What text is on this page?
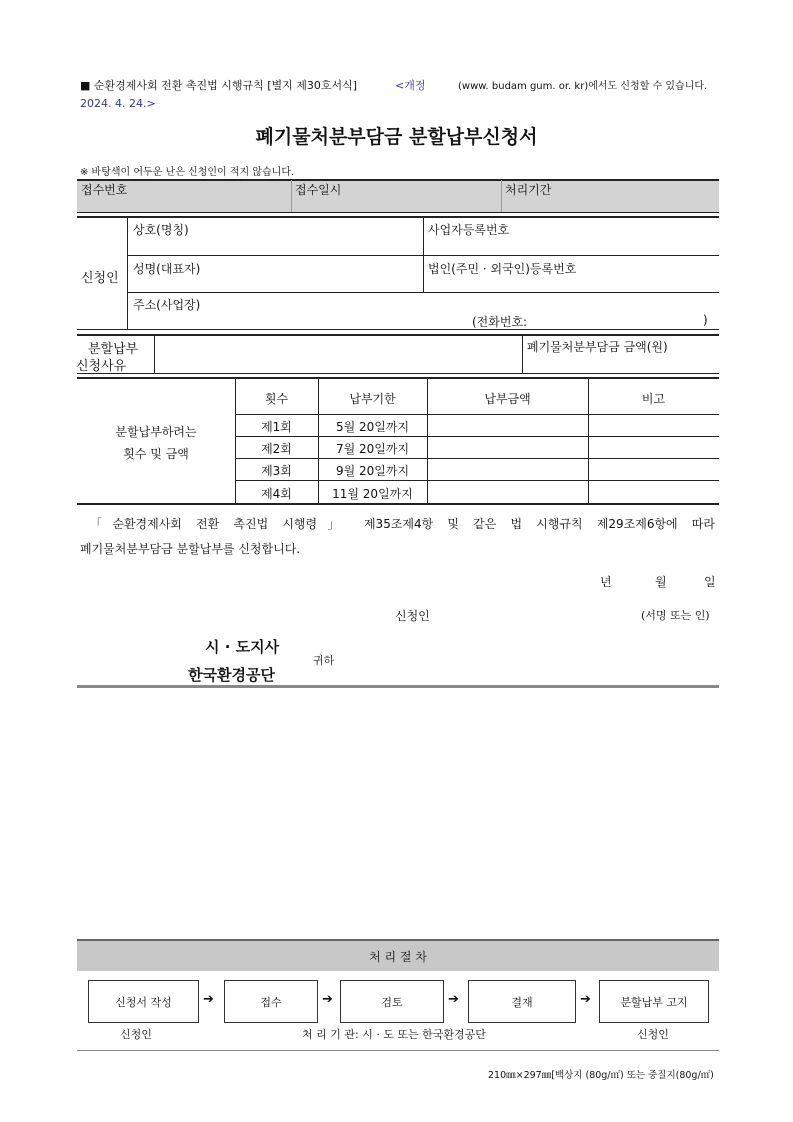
■ 순환경제사회 전환 촉진법 시행규칙 [별지 제30호서식]	<개정	(www. budam gum. or. kr)에서도 신청할 수 있습니다.
2024. 4. 24.>
폐기물처분부담금 분할납부신청서
※ 바탕색이 어두운 난은 신청인이 적지 않습니다.
접수번호	접수일시	처리기간
신청인
상호(명칭)	사업자등록번호
성명(대표자)	법인(주민 · 외국인)등록번호
주소(사업장)
(전화번호:	)
분할납부
신청사유
폐기물처분부담금 금액(원)
분할납부하려는
횟수 및 금액
횟수	납부기한	납부금액	비고
제1회	5월 20일까지
제2회	7월 20일까지
제3회	9월 20일까지
제4회	11월 20일까지
「순환경제사회 전환 촉진법 시행령」 제35조제4항 및 같은 법 시행규칙 제29조제6항에 따라
폐기물처분부담금 분할납부를 신청합니다.
년	월	일
신청인	(서명 또는 인)
시 · 도지사
한국환경공단
귀하
처 리 절 차
신청서 작성 ➔	접수	➔	검토	➔	결재	➔	분할납부 고지
신청인	처 리 기 관: 시 · 도 또는 한국환경공단	신청인
210㎜×297㎜[백상지 (80g/㎡) 또는 중질지(80g/㎡)
